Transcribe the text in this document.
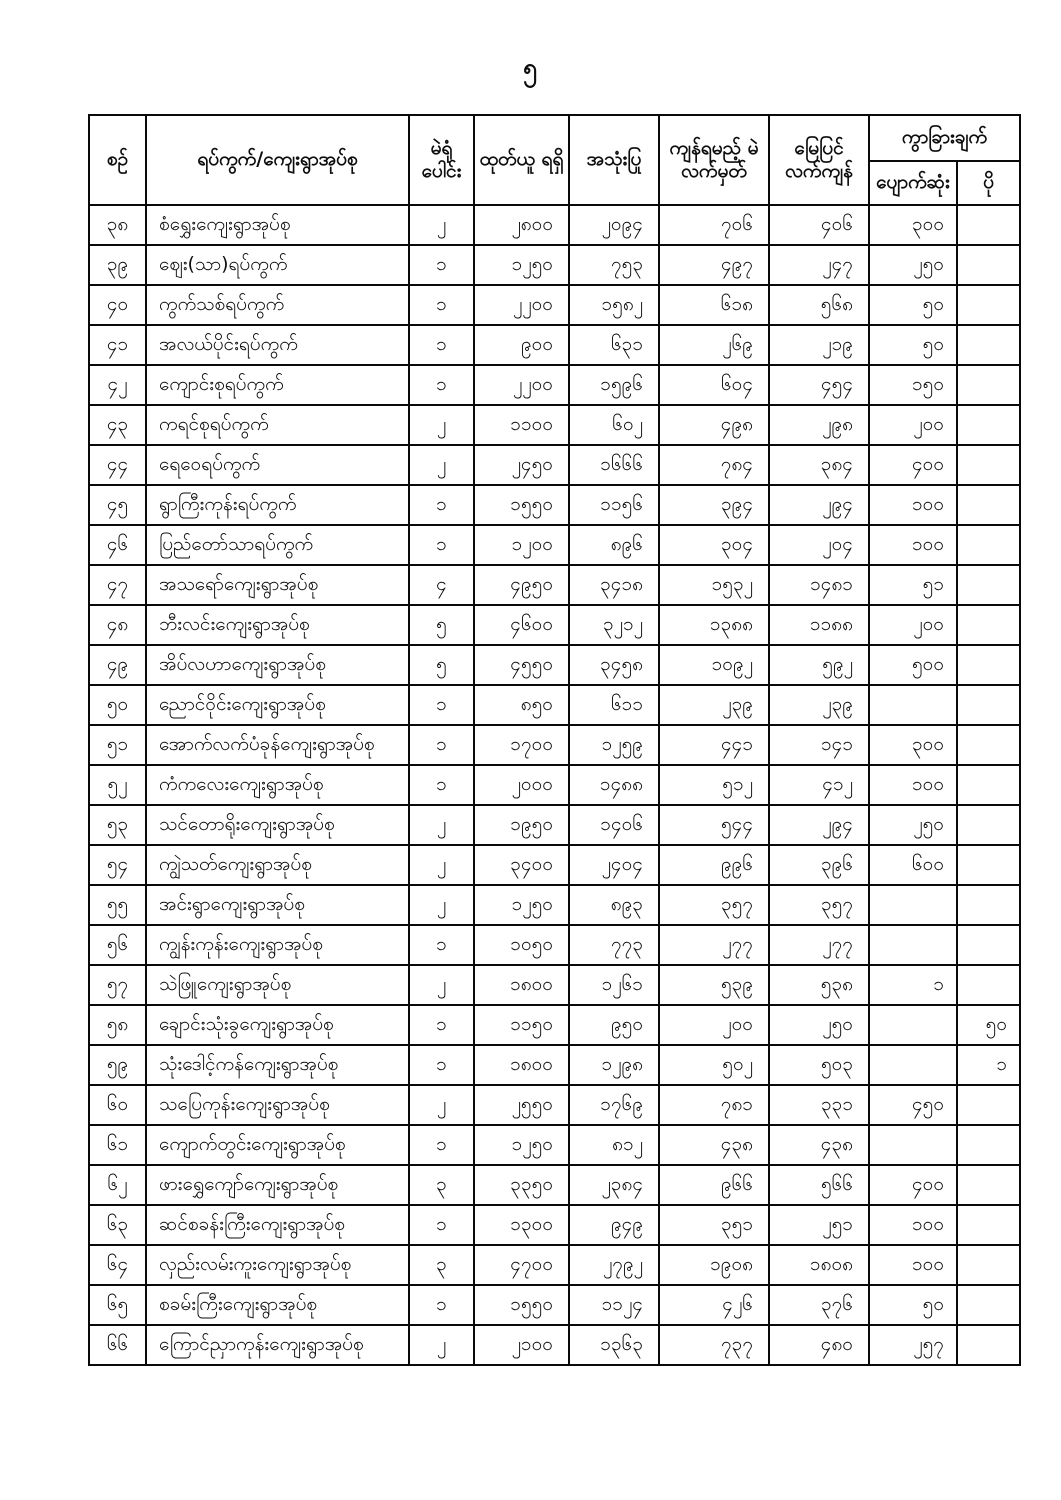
၅
စဉ်	ရပ်ကွက်/ကျေးရွာအုပ်စု	မဲရုံ ပေါင်း	ထုတ်ယူ ရရှိ	အသုံးပြု	ကျန်ရမည့် မဲလက်မှတ်	မြေပြင် လက်ကျန်	ကွာခြားချက်	
							ပျောက်ဆုံး	ပို
၃၈	စံရွှေးကျေးရွာအုပ်စု	၂	၂၈၀၀	၂၀၉၄	၇၀၆	၄၀၆	၃၀၀	
၃၉	ဈေး(သာ)ရပ်ကွက်	၁	၁၂၅၀	၇၅၃	၄၉၇	၂၄၇	၂၅၀	
၄၀	ကွက်သစ်ရပ်ကွက်	၁	၂၂၀၀	၁၅၈၂	၆၁၈	၅၆၈	၅၀	
၄၁	အလယ်ပိုင်းရပ်ကွက်	၁	၉၀၀	၆၃၁	၂၆၉	၂၁၉	၅၀	
၄၂	ကျောင်းစုရပ်ကွက်	၁	၂၂၀၀	၁၅၉၆	၆၀၄	၄၅၄	၁၅၀	
၄၃	ကရင်စုရပ်ကွက်	၂	၁၁၀၀	၆၀၂	၄၉၈	၂၉၈	၂၀၀	
၄၄	ရေဝေရပ်ကွက်	၂	၂၄၅၀	၁၆၆၆	၇၈၄	၃၈၄	၄၀၀	
၄၅	ရွာကြီးကုန်းရပ်ကွက်	၁	၁၅၅၀	၁၁၅၆	၃၉၄	၂၉၄	၁၀၀	
၄၆	ပြည်တော်သာရပ်ကွက်	၁	၁၂၀၀	၈၉၆	၃၀၄	၂၀၄	၁၀၀	
၄၇	အသရော်ကျေးရွာအုပ်စု	၄	၄၉၅၀	၃၄၁၈	၁၅၃၂	၁၄၈၁	၅၁	
၄၈	ဘီးလင်းကျေးရွာအုပ်စု	၅	၄၆၀၀	၃၂၁၂	၁၃၈၈	၁၁၈၈	၂၀၀	
၄၉	အိပ်လဟာကျေးရွာအုပ်စု	၅	၄၅၅၀	၃၄၅၈	၁၀၉၂	၅၉၂	၅၀၀	
၅၀	ညောင်ဝိုင်းကျေးရွာအုပ်စု	၁	၈၅၀	၆၁၁	၂၃၉	၂၃၉		
၅၁	အောက်လက်ပံခုန်ကျေးရွာအုပ်စု	၁	၁၇၀၀	၁၂၅၉	၄၄၁	၁၄၁	၃၀၀	
၅၂	ကံကလေးကျေးရွာအုပ်စု	၁	၂၀၀၀	၁၄၈၈	၅၁၂	၄၁၂	၁၀၀	
၅၃	သင်တောရိုးကျေးရွာအုပ်စု	၂	၁၉၅၀	၁၄၀၆	၅၄၄	၂၉၄	၂၅၀	
၅၄	ကျွဲသတ်ကျေးရွာအုပ်စု	၂	၃၄၀၀	၂၄၀၄	၉၉၆	၃၉၆	၆၀၀	
၅၅	အင်းရွာကျေးရွာအုပ်စု	၂	၁၂၅၀	၈၉၃	၃၅၇	၃၅၇		
၅၆	ကျွန်းကုန်းကျေးရွာအုပ်စု	၁	၁၀၅၀	၇၇၃	၂၇၇	၂၇၇		
၅၇	သဲဖြူကျေးရွာအုပ်စု	၂	၁၈၀၀	၁၂၆၁	၅၃၉	၅၃၈	၁	
၅၈	ချောင်းသုံးခွကျေးရွာအုပ်စု	၁	၁၁၅၀	၉၅၀	၂၀၀	၂၅၀		၅၀
၅၉	သုံးဒေါင့်ကန်ကျေးရွာအုပ်စု	၁	၁၈၀၀	၁၂၉၈	၅၀၂	၅၀၃		၁
၆၀	သပြေကုန်းကျေးရွာအုပ်စု	၂	၂၅၅၀	၁၇၆၉	၇၈၁	၃၃၁	၄၅၀	
၆၁	ကျောက်တွင်းကျေးရွာအုပ်စု	၁	၁၂၅၀	၈၁၂	၄၃၈	၄၃၈		
၆၂	ဖားရွှေကျော်ကျေးရွာအုပ်စု	၃	၃၃၅၀	၂၃၈၄	၉၆၆	၅၆၆	၄၀၀	
၆၃	ဆင်စခန်းကြီးကျေးရွာအုပ်စု	၁	၁၃၀၀	၉၄၉	၃၅၁	၂၅၁	၁၀၀	
၆၄	လှည်းလမ်းကူးကျေးရွာအုပ်စု	၃	၄၇၀၀	၂၇၉၂	၁၉၀၈	၁၈၀၈	၁၀၀	
၆၅	စခမ်းကြီးကျေးရွာအုပ်စု	၁	၁၅၅၀	၁၁၂၄	၄၂၆	၃၇၆	၅၀	
၆၆	ကြောင်ညှာကုန်းကျေးရွာအုပ်စု	၂	၂၁၀၀	၁၃၆၃	၇၃၇	၄၈၀	၂၅၇	
